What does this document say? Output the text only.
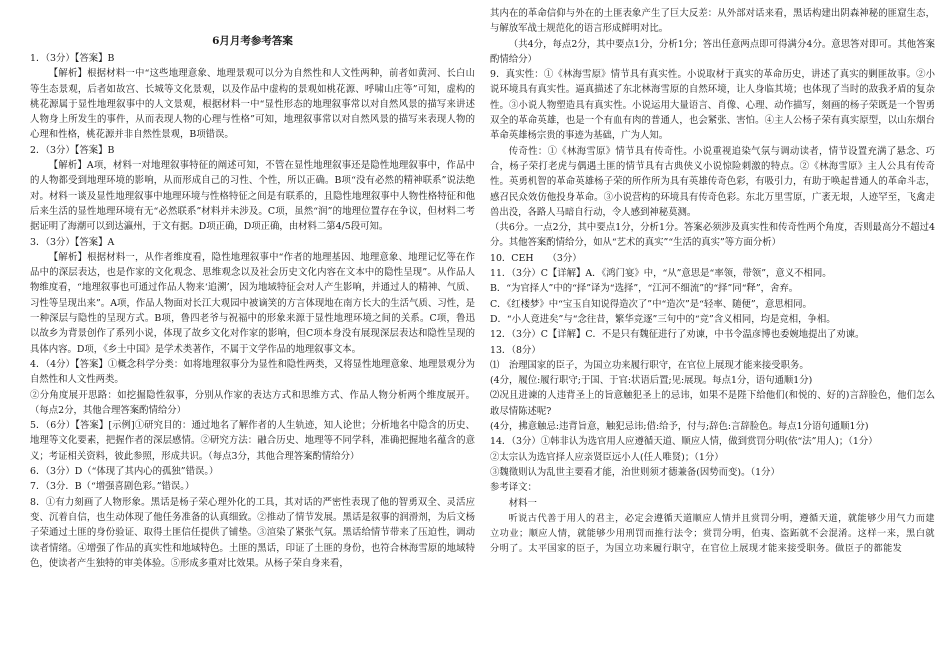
6月月考参考答案

1．（3分）【答案】B

【解析】根据材料一中“这些地理意象、地理景观可以分为自然性和人文性两种，前者如黄河、长白山等生态景观，后者如故宫、长城等文化景观，以及作品中虚构的景观如桃花源、呼啸山庄等”可知，虚构的桃花源属于显性地理叙事中的人文景观，根据材料一中“显性形态的地理叙事常以对自然风景的描写来讲述人物身上所发生的事件，从而表现人物的心理与性格”可知，地理叙事常以对自然风景的描写来表现人物的心理和性格，桃花源并非自然性景观，B项错误。

2．（3分）【答案】B

【解析】A项，材料一对地理叙事特征的阐述可知，不管在显性地理叙事还是隐性地理叙事中，作品中的人物都受到地理环境的影响，从而形成自己的习性、个性，所以正确。B项“没有必然的精神联系”说法绝对。材料一谈及显性地理叙事中地理环境与性格特征之间是有联系的，且隐性地理叙事中人物性格特征和他后来生活的显性地理环境有无“必然联系”材料并未涉及。C项，虽然“润”的地理位置存在争议，但材料二考据证明了海潮可以到达瀛州，于文有据。D项正确，D项正确，由材料二第4/5段可知。

3．（3分）【答案】A

【解析】根据材料一，从作者维度看，隐性地理叙事中“作者的地理基因、地理意象、地理记忆等在作品中的深层表达，也是作家的文化观念、思维观念以及社会历史文化内容在文本中的隐性呈现”。从作品人物维度看，“地理叙事也可通过作品人物来‘追溯’，因为地域特征会对人产生影响，并通过人的精神、气质、习性等呈现出来”。A项，作品人物面对长江大观园中被谪笑的方言体现地在南方长大的生活气质、习性，是一种深层与隐性的呈现方式。B项，鲁四老爷与祝福中的形象来源于显性地理环境之间的关系。C项，鲁迅以故乡为背景创作了系列小说，体现了故乡文化对作家的影响，但C项本身没有展现深层表达和隐性呈现的具体内容。D项，《乡土中国》是学术类著作，不属于文学作品的地理叙事文本。

4．（4分）【答案】①概念科学分类：如将地理叙事分为显性和隐性两类，又将显性地理意象、地理景观分为自然性和人文性两类。

②分角度展开思路：如挖掘隐性叙事，分别从作家的表达方式和思维方式、作品人物分析两个维度展开。（每点2分，其他合理答案酌情给分）

5．（6分）【答案】[示例]①研究目的：通过地名了解作者的人生轨迹，知人论世；分析地名中隐含的历史、地理等文化要素，把握作者的深层感情。②研究方法：融合历史、地理等不同学科，准确把握地名蕴含的意义；考证相关资料，彼此参照，形成共识。（每点3分，其他合理答案酌情给分）

6．（3分）D（“体现了其内心的孤独”错误。）

7．（3分．B（“增强喜剧色彩。”错误。）

8．①有力刻画了人物形象。黑话是杨子荣心理外化的工具，其对话的严密性表现了他的智勇双全、灵活应变、沉着自信，也生动体现了他任务准备的认真细致。②推动了情节发展。黑话是叙事的润滑剂，为后文杨子荣通过土匪的身份验证、取得土匪信任提供了铺垫。③渲染了紧张气氛。黑话给情节带来了压迫性，调动读者情绪。④增强了作品的真实性和地域特色。土匪的黑话，印证了土匪的身份，也符合林海雪原的地域特色，使读者产生独特的审美体验。⑤形成多重对比效果。从杨子荣自身来看，

其内在的革命信仰与外在的土匪表象产生了巨大反差：从外部对话来看，黑话构建出阴森神秘的匪窟生态，与解放军战士规范化的语言形成鲜明对比。

（共4分，每点2分，其中要点1分，分析1分；答出任意两点即可得满分4分。意思答对即可。其他答案酌情给分）

9．真实性：①《林海雪原》情节具有真实性。小说取材于真实的革命历史，讲述了真实的剿匪故事。②小说环境具有真实性。逼真描述了东北林海雪原的自然环境，让人身临其境；也体现了当时的敌我矛盾的复杂性。③小说人物塑造具有真实性。小说运用大量语言、肖像、心理、动作描写，刻画的杨子荣既是一个智勇双全的革命英雄，也是一个有血有肉的普通人，也会紧张、害怕。④主人公杨子荣有真实原型，以山东烟台革命英雄杨宗贵的事迹为基础，广为人知。

传奇性：①《林海雪原》情节具有传奇性。小说重视追染气氛与调动读者，情节设置充满了悬念、巧合，杨子荣打老虎与偶遇土匪的情节具有古典侠义小说惊险刺激的特点。②《林海雪原》主人公具有传奇性。英勇机智的革命英雄杨子荣的所作所为具有英雄传奇色彩，有吸引力，有助于唤起普通人的革命斗志，感召民众效仿他投身革命。③小说营构的环境具有传奇色彩。东北万里雪原，广袤无垠，人迹罕至，飞禽走兽出没，各路人马暗自行动，令人感到神秘莫测。

（共6分。一点2分，其中要点1分，分析1分。答案必须涉及真实性和传奇性两个角度，否则最高分不超过4分。其他答案酌情给分，如从“艺术的真实”“生活的真实”等方面分析）

10．CEH　　（3分）

11．（3分）C【详解】A．《鸿门宴》中，“从”意思是“率领，带领”，意义不相同。

B．“为官择人”中的“择”译为“选择”，“江河不细流”的“择”同“释”，舍弃。

C．《红楼梦》中“宝玉自知说得造次了”中“造次”是“轻率、随便”，意思相同。

D．“小人竟进矣”与“念往昔，繁华竞逐”三句中的“竞”含义相同，均是竞相，争相。

12．（3分）C【详解】C．不是只有魏征进行了劝谏，中书令温彦博也委婉地提出了劝谏。

13．（8分）

⑴　治理国家的臣子，为国立功来履行职守，在官位上展现才能来接受职务。

(4分，履位:履行职守;于国、于官:状语后置;见:展现。每点1分，语句通顺1分)

⑵况且进谏的人违背圣上的旨意触犯圣上的忌讳，如果不是陛下给他们(和悦的、好的)言辞脸色，他们怎么敢尽情陈述呢?

(4分，拂意触忌:违背旨意，触犯忌讳;借:给予，付与;辞色:言辞脸色。每点1分语句通顺1分)

14．（3分）①韩非认为选官用人应遵循天道、顺应人情，做到赏罚分明(依“法”用人)；（1分）

②太宗认为选官择人应亲贤臣远小人(任人唯贤)；（1分）

③魏徵则认为乱世主要看才能，治世则须才德兼备(因势而变)。（1分）

参考译文：

材料一

听说古代善于用人的君主，必定会遵循天道顺应人情并且赏罚分明，遵循天道，就能够少用气力而建立功业；顺应人情，就能够少用刑罚而推行法令；赏罚分明，伯夷、盗跖就不会混淆。这样一来，黑白就分明了。太平国家的臣子，为国立功来履行职守，在官位上展现才能来接受职务。做臣子的都能发
